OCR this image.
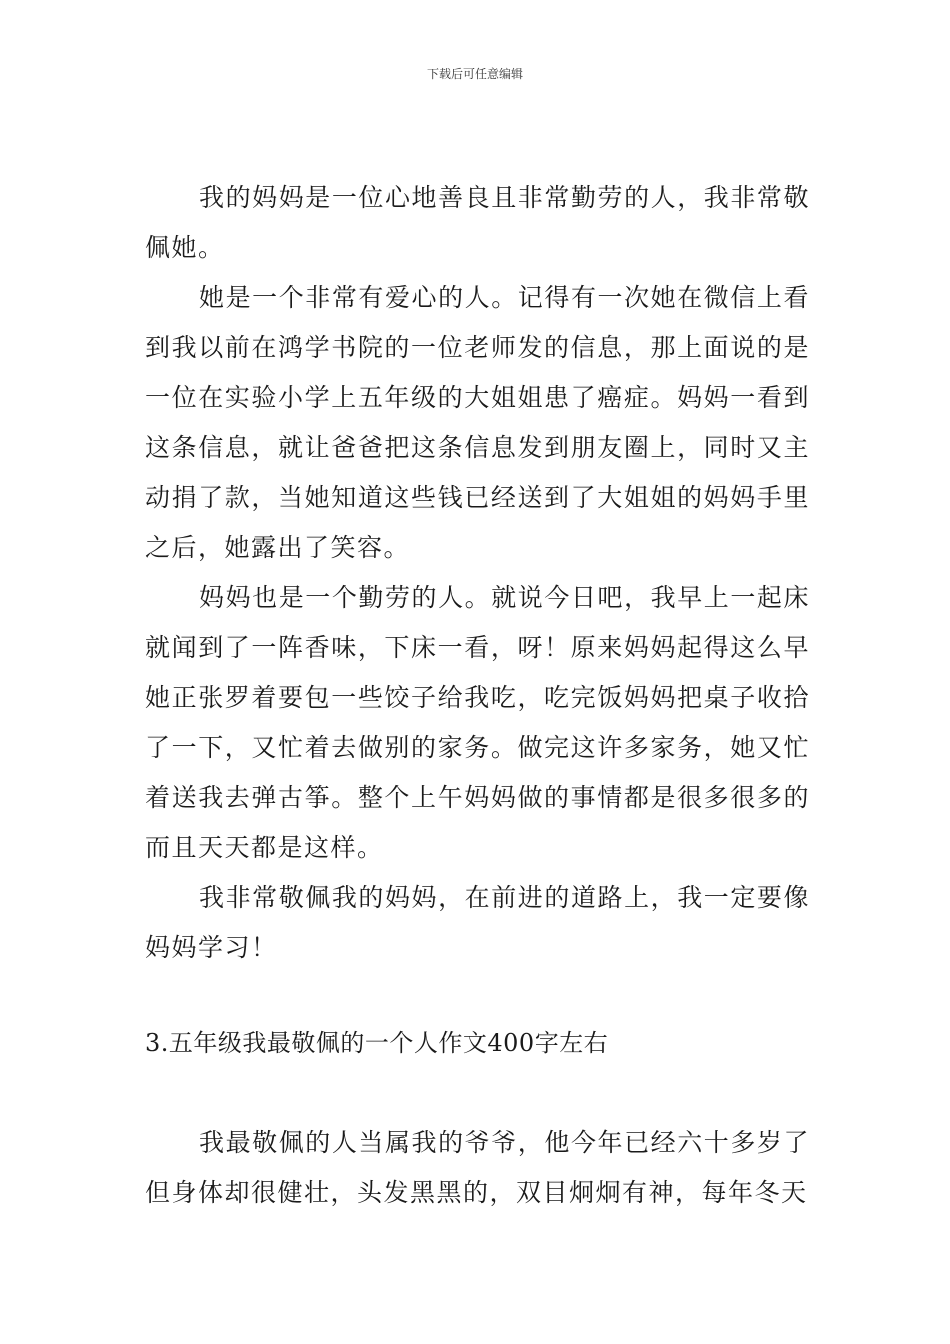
下载后可任意编辑

我的妈妈是一位心地善良且非常勤劳的人，我非常敬佩她。

她是一个非常有爱心的人。记得有一次她在微信上看到我以前在鸿学书院的一位老师发的信息，那上面说的是一位在实验小学上五年级的大姐姐患了癌症。妈妈一看到这条信息，就让爸爸把这条信息发到朋友圈上，同时又主动捐了款，当她知道这些钱已经送到了大姐姐的妈妈手里之后，她露出了笑容。

妈妈也是一个勤劳的人。就说今日吧，我早上一起床就闻到了一阵香味，下床一看，呀！原来妈妈起得这么早她正张罗着要包一些饺子给我吃，吃完饭妈妈把桌子收拾了一下，又忙着去做别的家务。做完这许多家务，她又忙着送我去弹古筝。整个上午妈妈做的事情都是很多很多的而且天天都是这样。

我非常敬佩我的妈妈，在前进的道路上，我一定要像妈妈学习！

3.五年级我最敬佩的一个人作文400字左右

我最敬佩的人当属我的爷爷，他今年已经六十多岁了但身体却很健壮，头发黑黑的，双目炯炯有神，每年冬天
